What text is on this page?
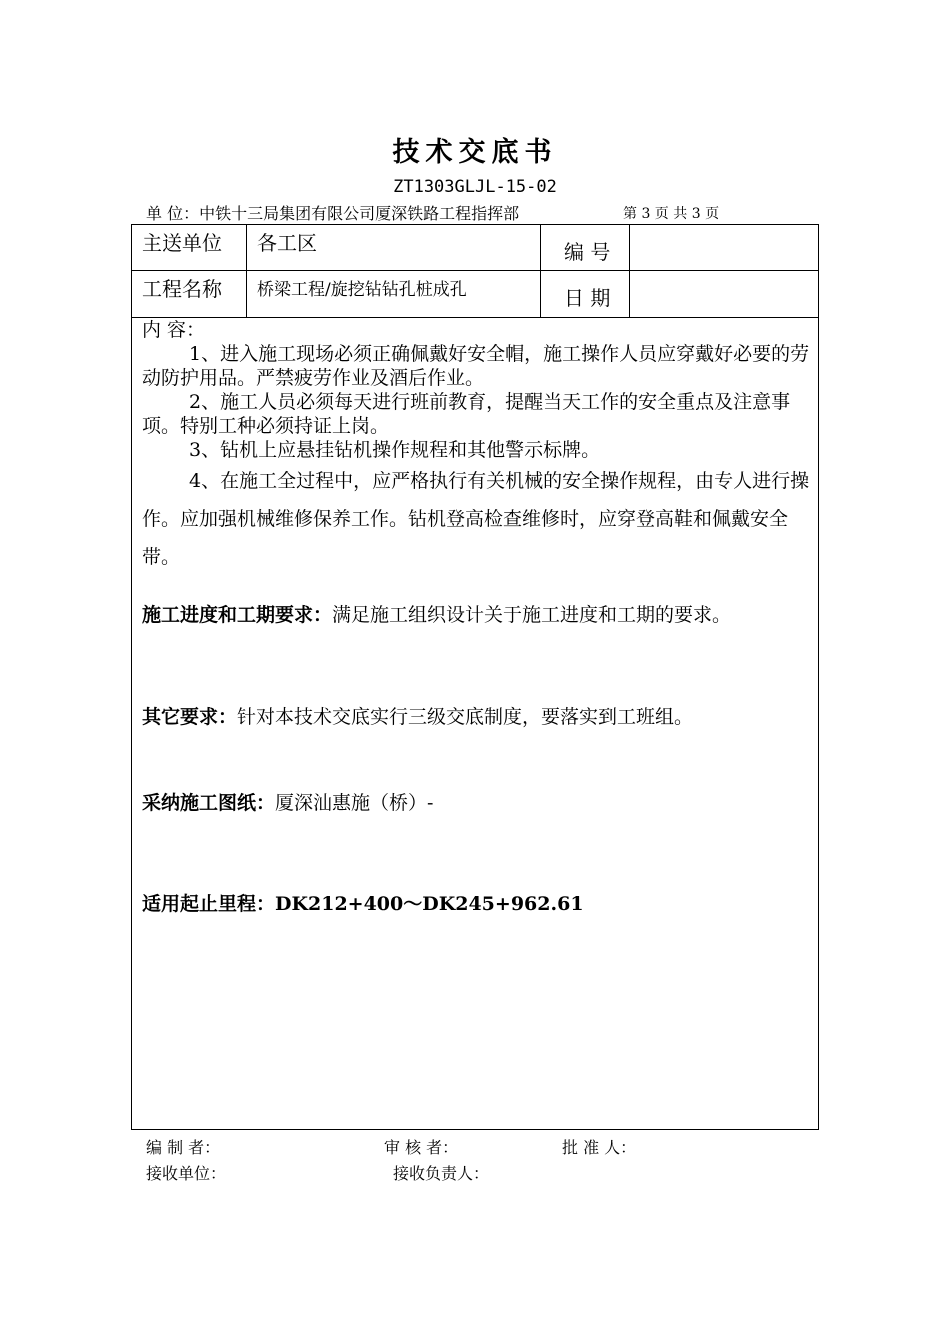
技术交底书
ZT1303GLJL-15-02
单 位：中铁十三局集团有限公司厦深铁路工程指挥部	第 3 页 共 3 页
主送单位 各工区	编 号
工程名称 桥梁工程/旋挖钻钻孔桩成孔	日 期

内 容：

1、进入施工现场必须正确佩戴好安全帽，施工操作人员应穿戴好必要的劳动防护用品。严禁疲劳作业及酒后作业。

2、施工人员必须每天进行班前教育，提醒当天工作的安全重点及注意事项。特别工种必须持证上岗。

3、钻机上应悬挂钻机操作规程和其他警示标牌。

4、在施工全过程中，应严格执行有关机械的安全操作规程，由专人进行操作。应加强机械维修保养工作。钻机登高检查维修时，应穿登高鞋和佩戴安全带。

施工进度和工期要求：满足施工组织设计关于施工进度和工期的要求。
其它要求：针对本技术交底实行三级交底制度，要落实到工班组。
采纳施工图纸：厦深汕惠施（桥）-
适用起止里程：DK212+400～DK245+962.61
编 制 者：	审 核 者：	批 准 人：
接收单位：	接收负责人：
